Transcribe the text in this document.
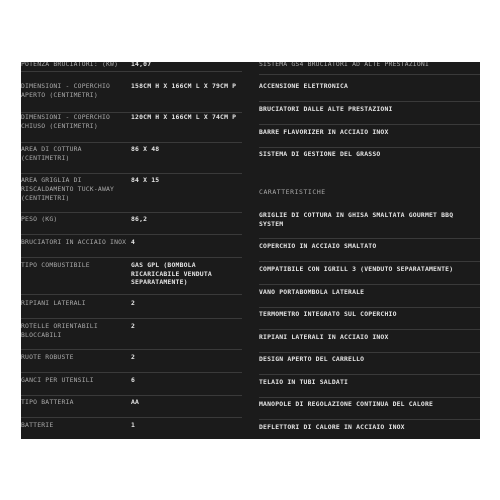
POTENZA BRUCIATORI: (KW)	14,07
DIMENSIONI - COPERCHIO
APERTO (CENTIMETRI)
158CM H X 166CM L X 79CM P
DIMENSIONI - COPERCHIO
CHIUSO (CENTIMETRI)
120CM H X 166CM L X 74CM P
AREA DI COTTURA
(CENTIMETRI)
86 X 48
AREA GRIGLIA DI
RISCALDAMENTO TUCK-AWAY
(CENTIMETRI)
84 X 15
PESO (KG)	86,2
BRUCIATORI IN ACCIAIO INOX 4
TIPO COMBUSTIBILE	GAS GPL (BOMBOLA
RICARICABILE VENDUTA
SEPARATAMENTE)
RIPIANI LATERALI	2
ROTELLE ORIENTABILI
BLOCCABILI
2
RUOTE ROBUSTE	2
GANCI PER UTENSILI	6
TIPO BATTERIA	AA
BATTERIE	1
SISTEMA GS4 BRUCIATORI AD ALTE PRESTAZIONI
ACCENSIONE ELETTRONICA
BRUCIATORI DALLE ALTE PRESTAZIONI
BARRE FLAVORIZER IN ACCIAIO INOX
SISTEMA DI GESTIONE DEL GRASSO
CARATTERISTICHE
GRIGLIE DI COTTURA IN GHISA SMALTATA GOURMET BBQ
SYSTEM
COPERCHIO IN ACCIAIO SMALTATO
COMPATIBILE CON IGRILL 3 (VENDUTO SEPARATAMENTE)
VANO PORTABOMBOLA LATERALE
TERMOMETRO INTEGRATO SUL COPERCHIO
RIPIANI LATERALI IN ACCIAIO INOX
DESIGN APERTO DEL CARRELLO
TELAIO IN TUBI SALDATI
MANOPOLE DI REGOLAZIONE CONTINUA DEL CALORE
DEFLETTORI DI CALORE IN ACCIAIO INOX
